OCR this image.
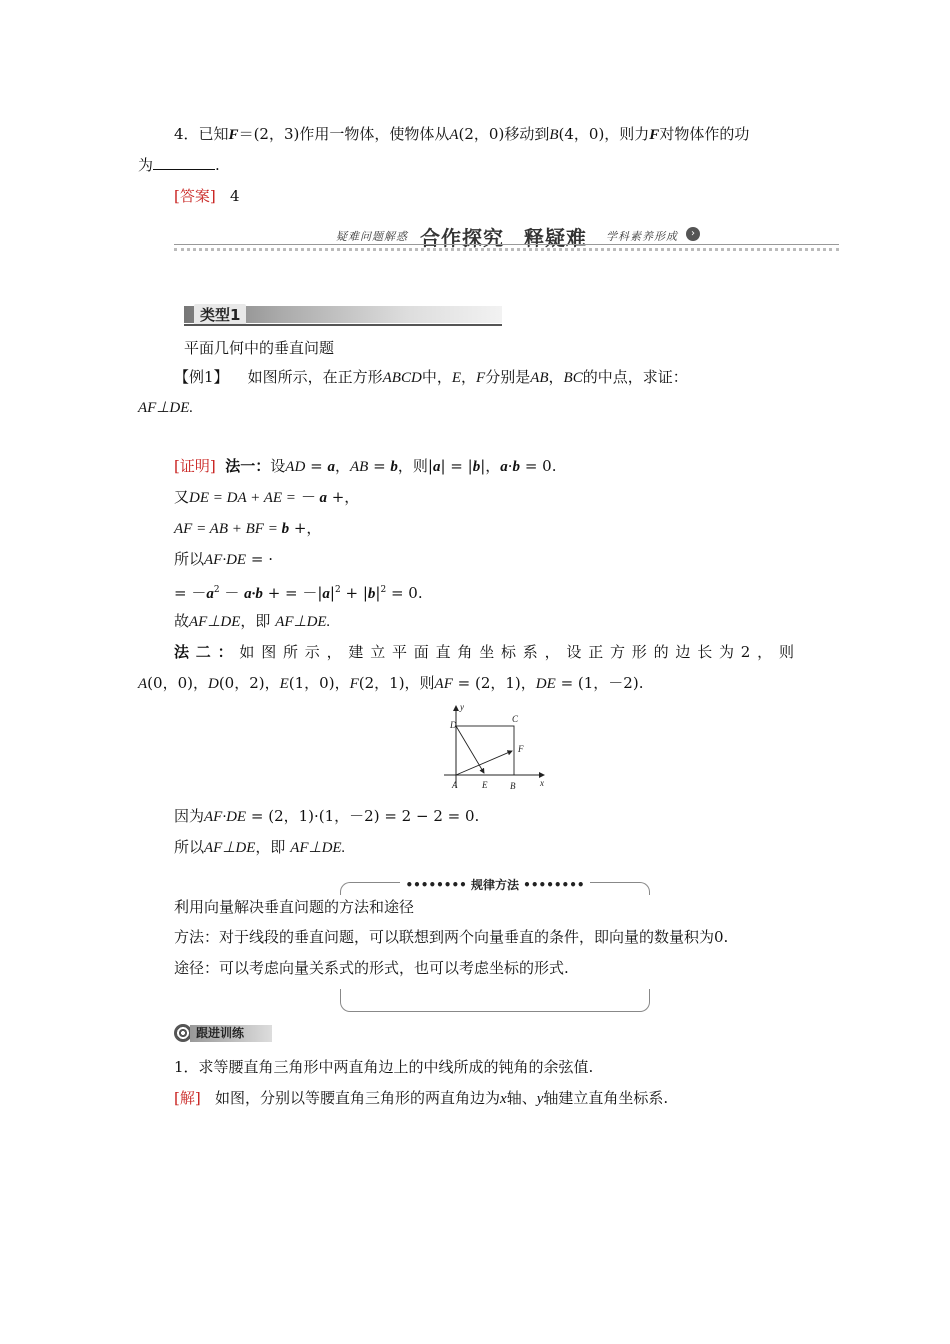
4．已知F＝(2，3)作用一物体，使物体从A(2，0)移动到B(4，0)，则力F对物体作的功
为	.
[答案] 4
疑难问题解惑 合作探究	›
释疑难 学科素养形成
类型1
平面几何中的垂直问题
【例1】 如图所示，在正方形ABCD中，E，F分别是AB，BC的中点，求证：
AF⊥DE.
[证明] 法一：设AD = a，AB = b，则|a| = |b|，a·b = 0.
又DE = DA + AE = － a +，
AF = AB + BF = b +，
所以AF·DE = ·
= $-a^2 - a\cdot b$ + = $-|a|^2 + |b|^2 = 0$.
故AF⊥DE，即 AF⊥DE.
法二：如图所示，建立平面直角坐标系，设正方形的边长为2，则
A(0，0)，D(0，2)，E(1，0)，F(2，1)，则AF = (2，1)，DE = (1，－2).
y
x
A	E	B
C
D
F
因为AF·DE = (2，1)·(1，－2) = 2 − 2 = 0.
所以AF⊥DE，即 AF⊥DE.
•••••••• 规律方法 ••••••••
利用向量解决垂直问题的方法和途径
方法：对于线段的垂直问题，可以联想到两个向量垂直的条件，即向量的数量积为0.
途径：可以考虑向量关系式的形式，也可以考虑坐标的形式.
跟进训练
1．求等腰直角三角形中两直角边上的中线所成的钝角的余弦值.
[解] 如图，分别以等腰直角三角形的两直角边为x轴、y轴建立直角坐标系.
